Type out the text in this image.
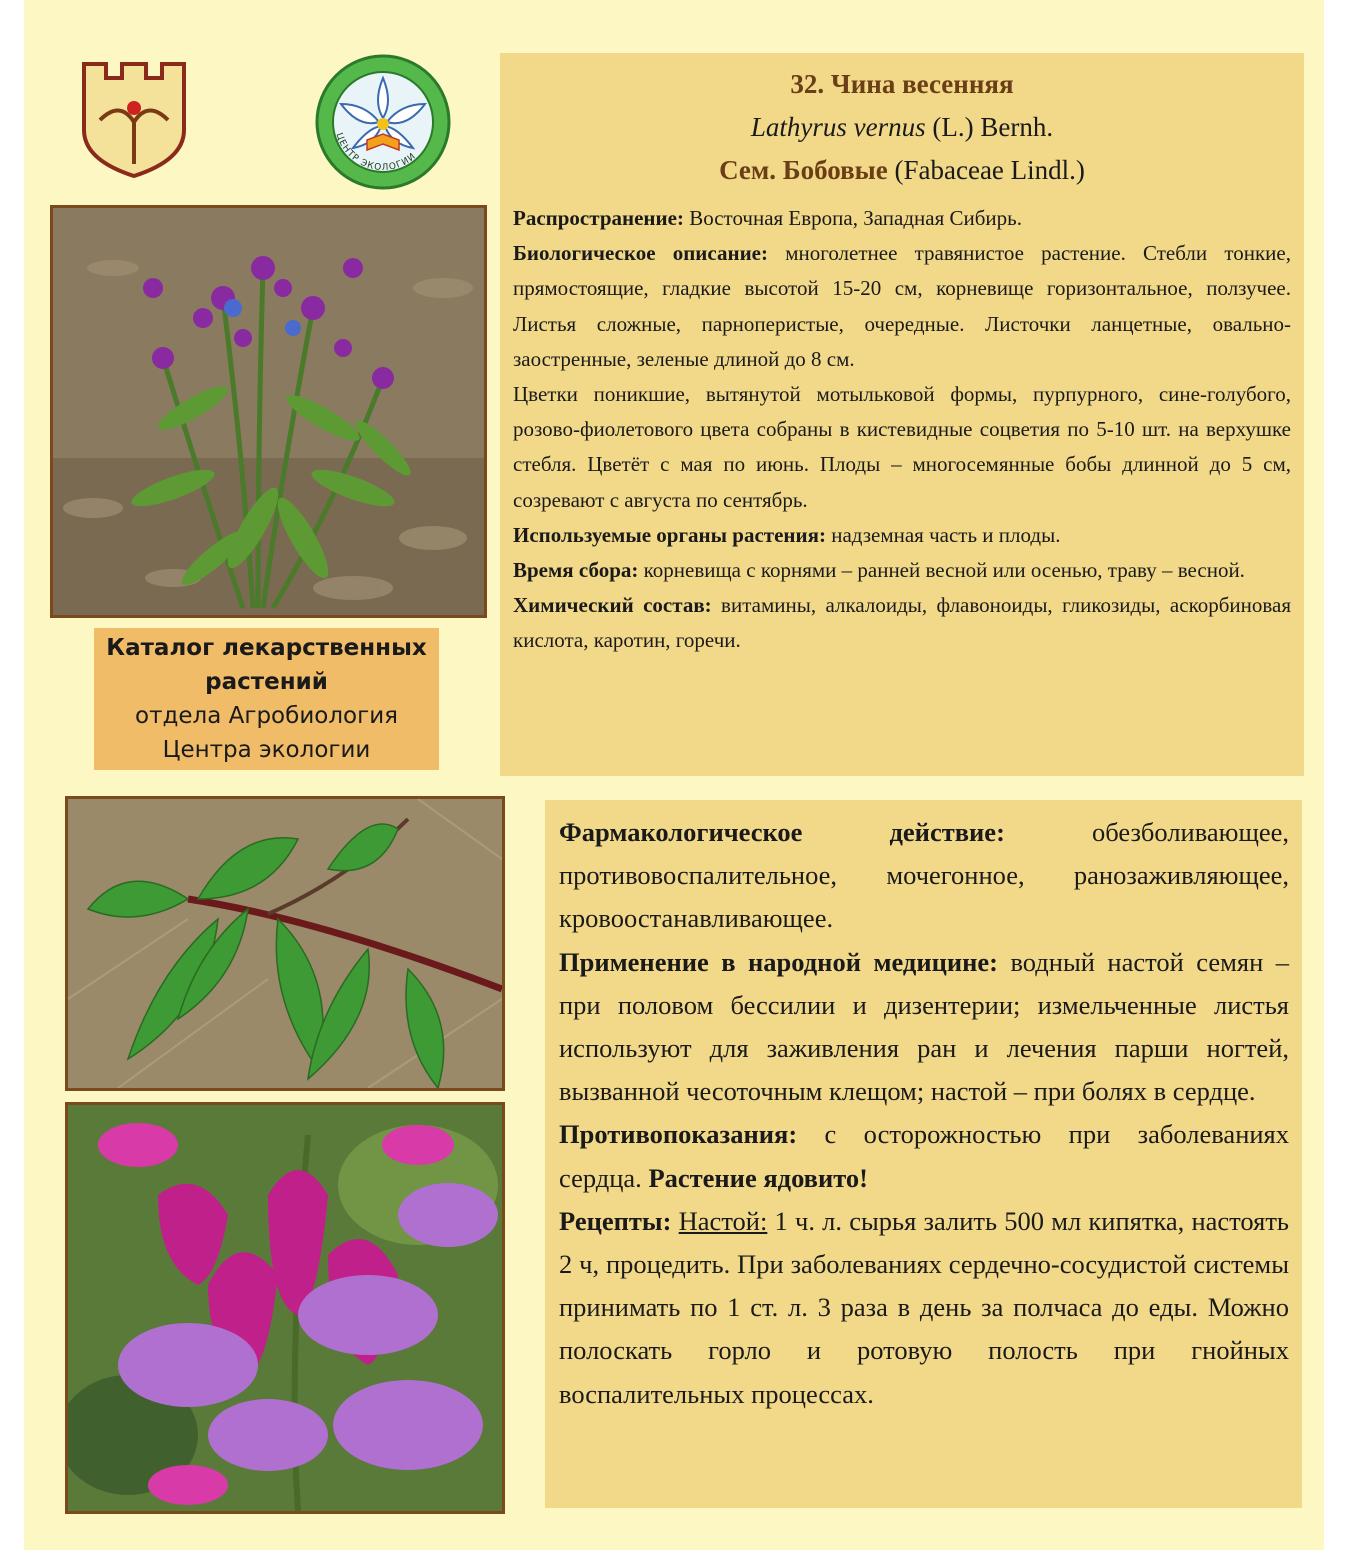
ЦЕНТР ЭКОЛОГИИ
32. Чина весенняя
Lathyrus vernus (L.) Bernh.
Сем. Бобовые (Fabaceae Lindl.)

Распространение: Восточная Европа, Западная Сибирь.

Биологическое описание: многолетнее травянистое растение. Стебли тонкие, прямостоящие, гладкие высотой 15-20 см, корневище горизонтальное, ползучее. Листья сложные, парноперистые, очередные. Листочки ланцетные, овально-заостренные, зеленые длиной до 8 см.

Цветки поникшие, вытянутой мотыльковой формы, пурпурного, сине-голубого, розово-фиолетового цвета собраны в кистевидные соцветия по 5-10 шт. на верхушке стебля. Цветёт с мая по июнь. Плоды – многосемянные бобы длинной до 5 см, созревают с августа по сентябрь.

Используемые органы растения: надземная часть и плоды.

Время сбора: корневища с корнями – ранней весной или осенью, траву – весной.

Химический состав: витамины, алкалоиды, флавоноиды, гликозиды, аскорбиновая кислота, каротин, горечи.

Каталог лекарственных растений
отдела Агробиология
Центра экологии

Фармакологическое действие: обезболивающее, противовоспалительное, мочегонное, ранозаживляющее, кровоостанавливающее.

Применение в народной медицине: водный настой семян – при половом бессилии и дизентерии; измельченные листья используют для заживления ран и лечения парши ногтей, вызванной чесоточным клещом; настой – при болях в сердце.

Противопоказания: с осторожностью при заболеваниях сердца. Растение ядовито!

Рецепты: Настой: 1 ч. л. сырья залить 500 мл кипятка, настоять 2 ч, процедить. При заболеваниях сердечно-сосудистой системы принимать по 1 ст. л. 3 раза в день за полчаса до еды. Можно полоскать горло и ротовую полость при гнойных воспалительных процессах.
